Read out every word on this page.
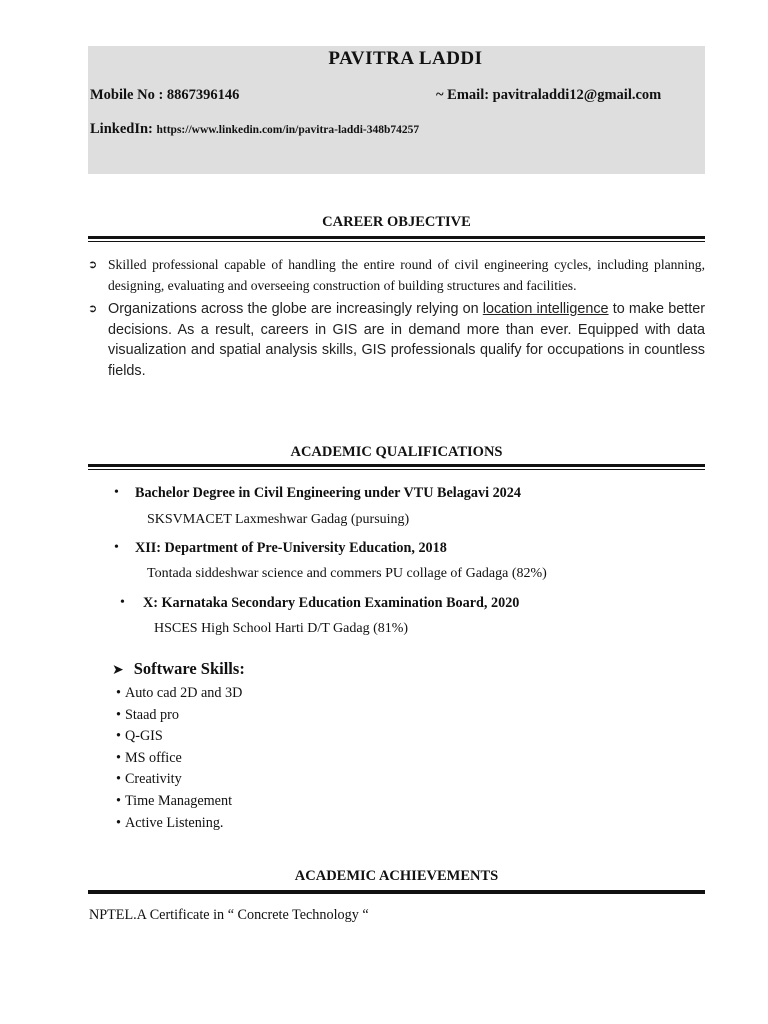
PAVITRA LADDI
Mobile No : 8867396146	~ Email: pavitraladdi12@gmail.com
LinkedIn: https://www.linkedin.com/in/pavitra-laddi-348b74257
CAREER OBJECTIVE
➲ Skilled professional capable of handling the entire round of civil engineering cycles, including planning, designing, evaluating and overseeing construction of building structures and facilities.
➲ Organizations across the globe are increasingly relying on location intelligence to make better decisions. As a result, careers in GIS are in demand more than ever. Equipped with data visualization and spatial analysis skills, GIS professionals qualify for occupations in countless fields.
ACADEMIC QUALIFICATIONS
• Bachelor Degree in Civil Engineering under VTU Belagavi 2024
SKSVMACET Laxmeshwar Gadag (pursuing)
• XII: Department of Pre-University Education, 2018
Tontada siddeshwar science and commers PU collage of Gadaga (82%)
• X: Karnataka Secondary Education Examination Board, 2020
HSCES High School Harti D/T Gadag (81%)
➤ Software Skills:
• Auto cad 2D and 3D
• Staad pro
• Q-GIS
• MS office
• Creativity
• Time Management
• Active Listening.
ACADEMIC ACHIEVEMENTS
NPTEL.A Certificate in “ Concrete Technology “
